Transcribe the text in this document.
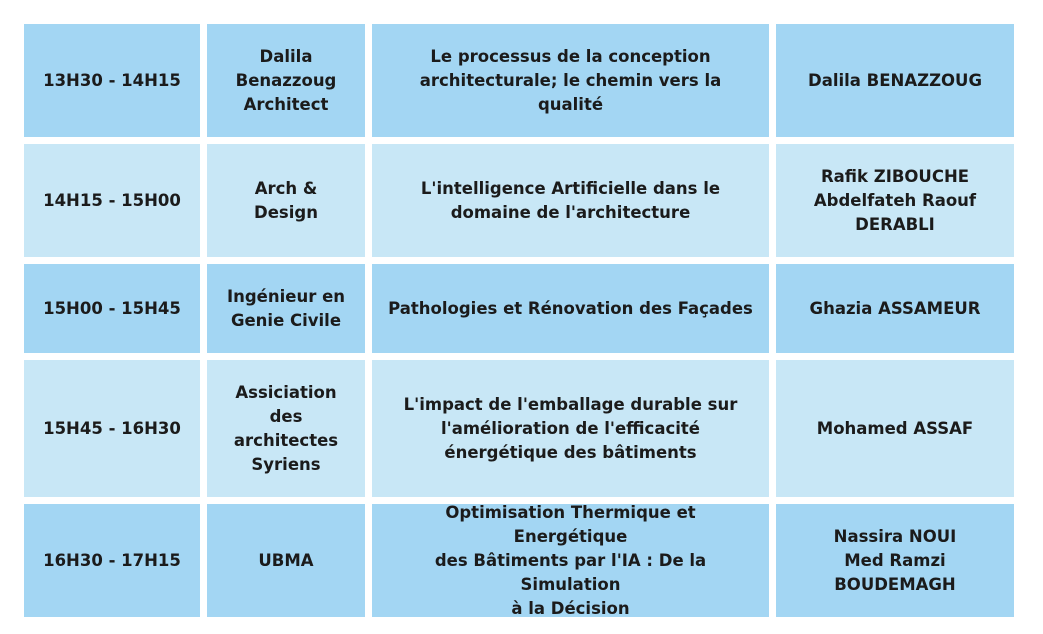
13H30 - 14H15
Dalila
Benazzoug
Architect
Le processus de la conception
architecturale; le chemin vers la qualité
Dalila BENAZZOUG
14H15 - 15H00
Arch &
Design
L'intelligence Artificielle dans le
domaine de l'architecture
Rafik ZIBOUCHE
Abdelfateh Raouf
DERABLI
15H00 - 15H45
Ingénieur en
Genie Civile
Pathologies et Rénovation des Façades	Ghazia ASSAMEUR
15H45 - 16H30
Assiciation
des
architectes
Syriens
L'impact de l'emballage durable sur
l'amélioration de l'efficacité
énergétique des bâtiments
Mohamed ASSAF
16H30 - 17H15	UBMA
Optimisation Thermique et Energétique
des Bâtiments par l'IA : De la Simulation
à la Décision
Nassira NOUI
Med Ramzi
BOUDEMAGH
